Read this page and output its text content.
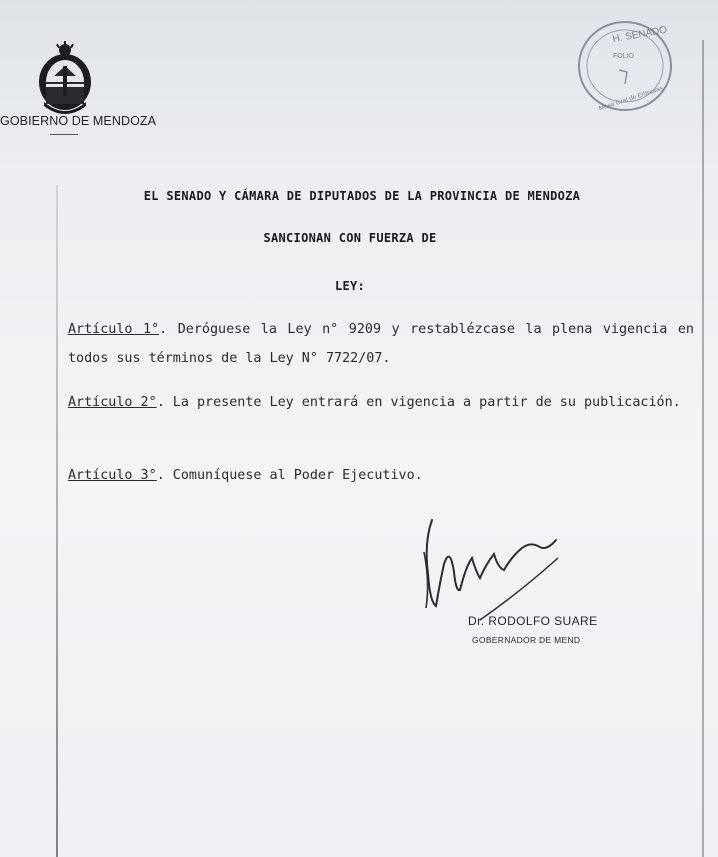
GOBIERNO DE MENDOZA
H. SENADO
FOLIO
Mesa Gral de Entradas
EL SENADO Y CÁMARA DE DIPUTADOS DE LA PROVINCIA DE MENDOZA
SANCIONAN CON FUERZA DE
LEY:
Artículo 1°. Deróguese la Ley n° 9209 y restablézcase la plena vigencia en todos sus términos de la Ley N° 7722/07.
Artículo 2°. La presente Ley entrará en vigencia a partir de su publicación.
Artículo 3°. Comuníquese al Poder Ejecutivo.
Dr. RODOLFO SUARE
GOBERNADOR DE MEND
